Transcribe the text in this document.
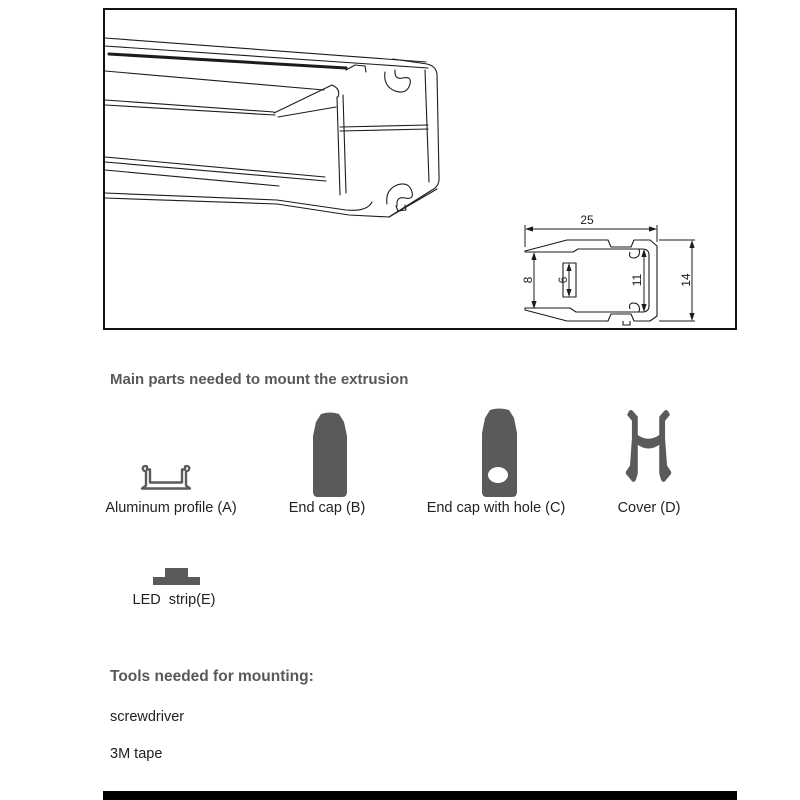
25
8 6	11	14
Main parts needed to mount the extrusion
Aluminum profile (A)	End cap (B)	End cap with hole (C)	Cover (D)
LED  strip(E)
Tools needed for mounting:
screwdriver
3M tape
